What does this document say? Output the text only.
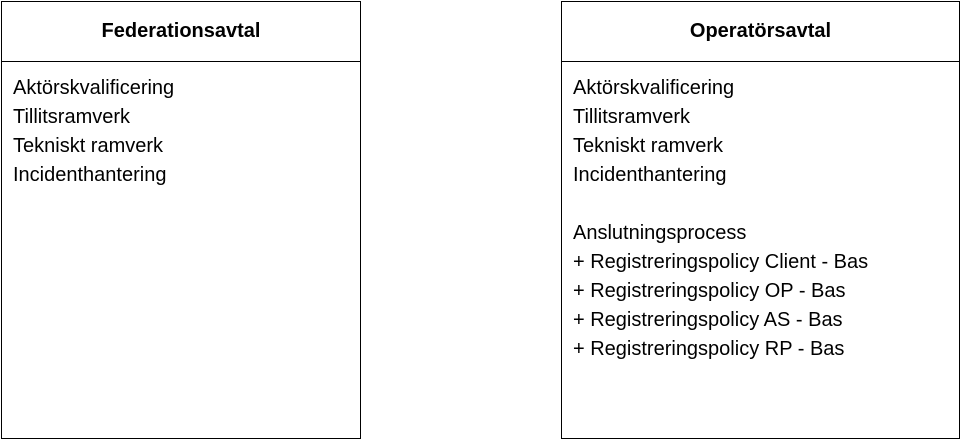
Federationsavtal
Aktörskvalificering
Tillitsramverk
Tekniskt ramverk
Incidenthantering
Operatörsavtal
Aktörskvalificering
Tillitsramverk
Tekniskt ramverk
Incidenthantering
Anslutningsprocess
+ Registreringspolicy Client - Bas
+ Registreringspolicy OP - Bas
+ Registreringspolicy AS - Bas
+ Registreringspolicy RP - Bas
